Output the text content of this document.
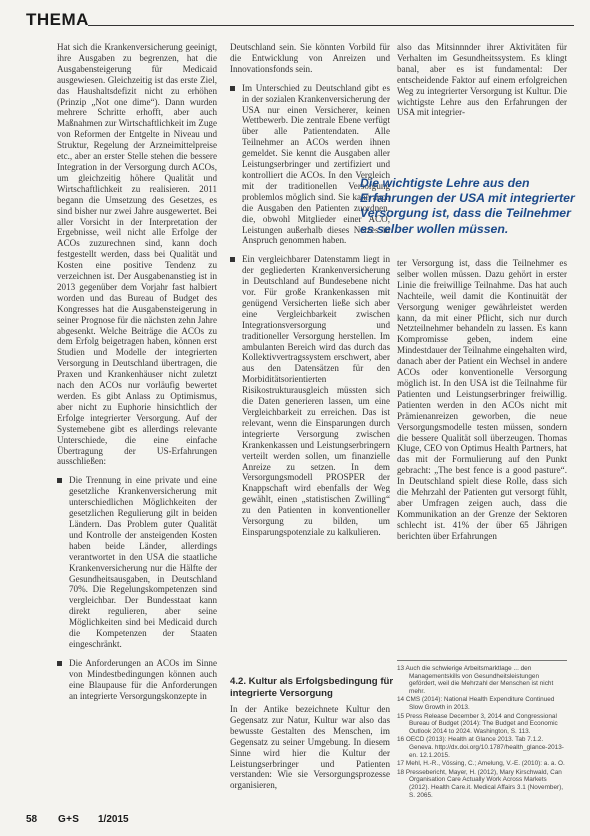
THEMA

Hat sich die Krankenversicherung geeinigt, ihre Ausgaben zu begrenzen, hat die Ausgabensteigerung für Medicaid ausgewiesen. Gleichzeitig ist das erste Ziel, das Haushaltsdefizit nicht zu erhöhen (Prinzip „Not one dime“). Dann wurden mehrere Schritte erhofft, aber auch Maßnahmen zur Wirtschaftlichkeit im Zuge von Reformen der Entgelte in Niveau und Struktur, Regelung der Arzneimittelpreise etc., aber an erster Stelle stehen die bessere Integration in der Versorgung durch ACOs, um gleichzeitig höhere Qualität und Wirtschaftlichkeit zu realisieren. 2011 begann die Umsetzung des Gesetzes, es sind bisher nur zwei Jahre ausgewertet. Bei aller Vorsicht in der Interpretation der Ergebnisse, weil nicht alle Erfolge der ACOs zuzurechnen sind, kann doch festgestellt werden, dass bei Qualität und Kosten eine positive Tendenz zu verzeichnen ist. Der Ausgabenanstieg ist in 2013 gegenüber dem Vorjahr fast halbiert worden und das Bureau of Budget des Kongresses hat die Ausgabensteigerung in seiner Prognose für die nächsten zehn Jahre abgesenkt. Welche Beiträge die ACOs zu dem Erfolg beigetragen haben, können erst Studien und Modelle der integrierten Versorgung in Deutschland übertragen, die Praxen und Krankenhäuser nicht zuletzt nach den ACOs nur vorläufig bewertet werden. Es gibt Anlass zu Optimismus, aber nicht zu Euphorie hinsichtlich der Erfolge integrierter Versorgung. Auf der Systemebene gibt es allerdings relevante Unterschiede, die eine einfache Übertragung der US-Erfahrungen ausschließen:

Die Trennung in eine private und eine gesetzliche Krankenversicherung mit unterschiedlichen Möglichkeiten der gesetzlichen Regulierung gilt in beiden Ländern. Das Problem guter Qualität und Kontrolle der ansteigenden Kosten haben beide Länder, allerdings verantwortet in den USA die staatliche Krankenversicherung nur die Hälfte der Gesundheitsausgaben, in Deutschland 70%. Die Regelungskompetenzen sind vergleichbar. Der Bundesstaat kann direkt regulieren, aber seine Möglichkeiten sind bei Medicaid durch die Kompetenzen der Staaten eingeschränkt.

Die Anforderungen an ACOs im Sinne von Mindestbedingungen können auch eine Blaupause für die Anforderungen an integrierte Versorgungskonzepte in

Deutschland sein. Sie könnten Vorbild für die Entwicklung von Anreizen und Innovationsfonds sein.

Im Unterschied zu Deutschland gibt es in der sozialen Krankenversicherung der USA nur einen Versicherer, keinen Wettbewerb. Die zentrale Ebene verfügt über alle Patientendaten. Alle Teilnehmer an ACOs werden ihnen gemeldet. Sie kennt die Ausgaben aller Leistungserbringer und zertifiziert und kontrolliert die ACOs. In den Vergleich mit der traditionellen Versorgung problemlos möglich sind. Sie kann auch die Ausgaben den Patienten zuordnen, die, obwohl Mitglieder einer ACO, Leistungen außerhalb dieses Netzes in Anspruch genommen haben.

Ein vergleichbarer Datenstamm liegt in der gegliederten Krankenversicherung in Deutschland auf Bundesebene nicht vor. Für große Krankenkassen mit genügend Versicherten ließe sich aber eine Vergleichbarkeit zwischen Integrationsversorgung und traditioneller Versorgung herstellen. Im ambulanten Bereich wird das durch das Kollektivvertragssystem erschwert, aber aus den Datensätzen für den Morbiditätsorientierten Risikostrukturausgleich müssten sich die Daten generieren lassen, um eine Vergleichbarkeit zu erreichen. Das ist relevant, wenn die Einsparungen durch integrierte Versorgung zwischen Krankenkassen und Leistungserbringern verteilt werden sollen, um finanzielle Anreize zu setzen. In dem Versorgungsmodell PROSPER der Knappschaft wird ebenfalls der Weg gewählt, einen „statistischen Zwilling“ zu den Patienten in konventioneller Versorgung zu bilden, um Einsparungspotenziale zu kalkulieren.

also das Mitsinnnder ihrer Aktivitäten für Verhalten im Gesundheitssystem. Es klingt banal, aber es ist fundamental: Der entscheidende Faktor auf einem erfolgreichen Weg zu integrierter Versorgung ist Kultur. Die wichtigste Lehre aus den Erfahrungen der USA mit integrier-

Die wichtigste Lehre aus den Erfahrungen der USA mit integrierter Versorgung ist, dass die Teilnehmer es selber wollen müssen.

ter Versorgung ist, dass die Teilnehmer es selber wollen müssen. Dazu gehört in erster Linie die freiwillige Teilnahme. Das hat auch Nachteile, weil damit die Kontinuität der Versorgung weniger gewährleistet werden kann, da mit einer Pflicht, sich nur durch Netzteilnehmer behandeln zu lassen. Es kann Kompromisse geben, indem eine Mindestdauer der Teilnahme eingehalten wird, danach aber der Patient ein Wechsel in andere ACOs oder konventionelle Versorgung möglich ist. In den USA ist die Teilnahme für Patienten und Leistungserbringer freiwillig. Patienten werden in den ACOs nicht mit Prämienanreizen geworben, die neue Versorgungsmodelle testen müssen, sondern die bessere Qualität soll überzeugen. Thomas Kluge, CEO von Optimus Health Partners, hat das mit der Formulierung auf den Punkt gebracht: „The best fence is a good pasture“. In Deutschland spielt diese Rolle, dass sich die Mehrzahl der Patienten gut versorgt fühlt, aber Umfragen zeigen auch, dass die Kommunikation an der Grenze der Sektoren schlecht ist. 41% der über 65 Jährigen berichten über Erfahrungen

4.2. Kultur als Erfolgsbedingung für integrierte Versorgung

In der Antike bezeichnete Kultur den Gegensatz zur Natur, Kultur war also das bewusste Gestalten des Menschen, im Gegensatz zu seiner Umgebung. In diesem Sinne wird hier die Kultur der Leistungserbringer und Patienten verstanden: Wie sie Versorgungsprozesse organisieren,

13 Auch die schwierige Arbeitsmarktlage ... den Managementskills von Gesundheitsleistungen gefördert, weil die Mehrzahl der Menschen ist nicht mehr.

14 CMS (2014): National Health Expenditure Continued Slow Growth in 2013.

15 Press Release December 3, 2014 and Congressional Bureau of Budget (2014): The Budget and Economic Outlook 2014 to 2024. Washington, S. 113.

16 OECD (2013): Health at Glance 2013. Tab 7.1.2. Geneva. http://dx.doi.org/10.1787/health_glance-2013-en. 12.1.2015.

17 Mehl, H.-R., Vössing, C.; Amelung, V.-E. (2010): a. a. O.

18 Pressebericht, Mayer, H. (2012), Mary Kirschwald, Can Organisation Care Actually Work Across Markets (2012). Health Care.it. Medical Affairs 3.1 (November), S. 2065.

58 G+S 1/2015
